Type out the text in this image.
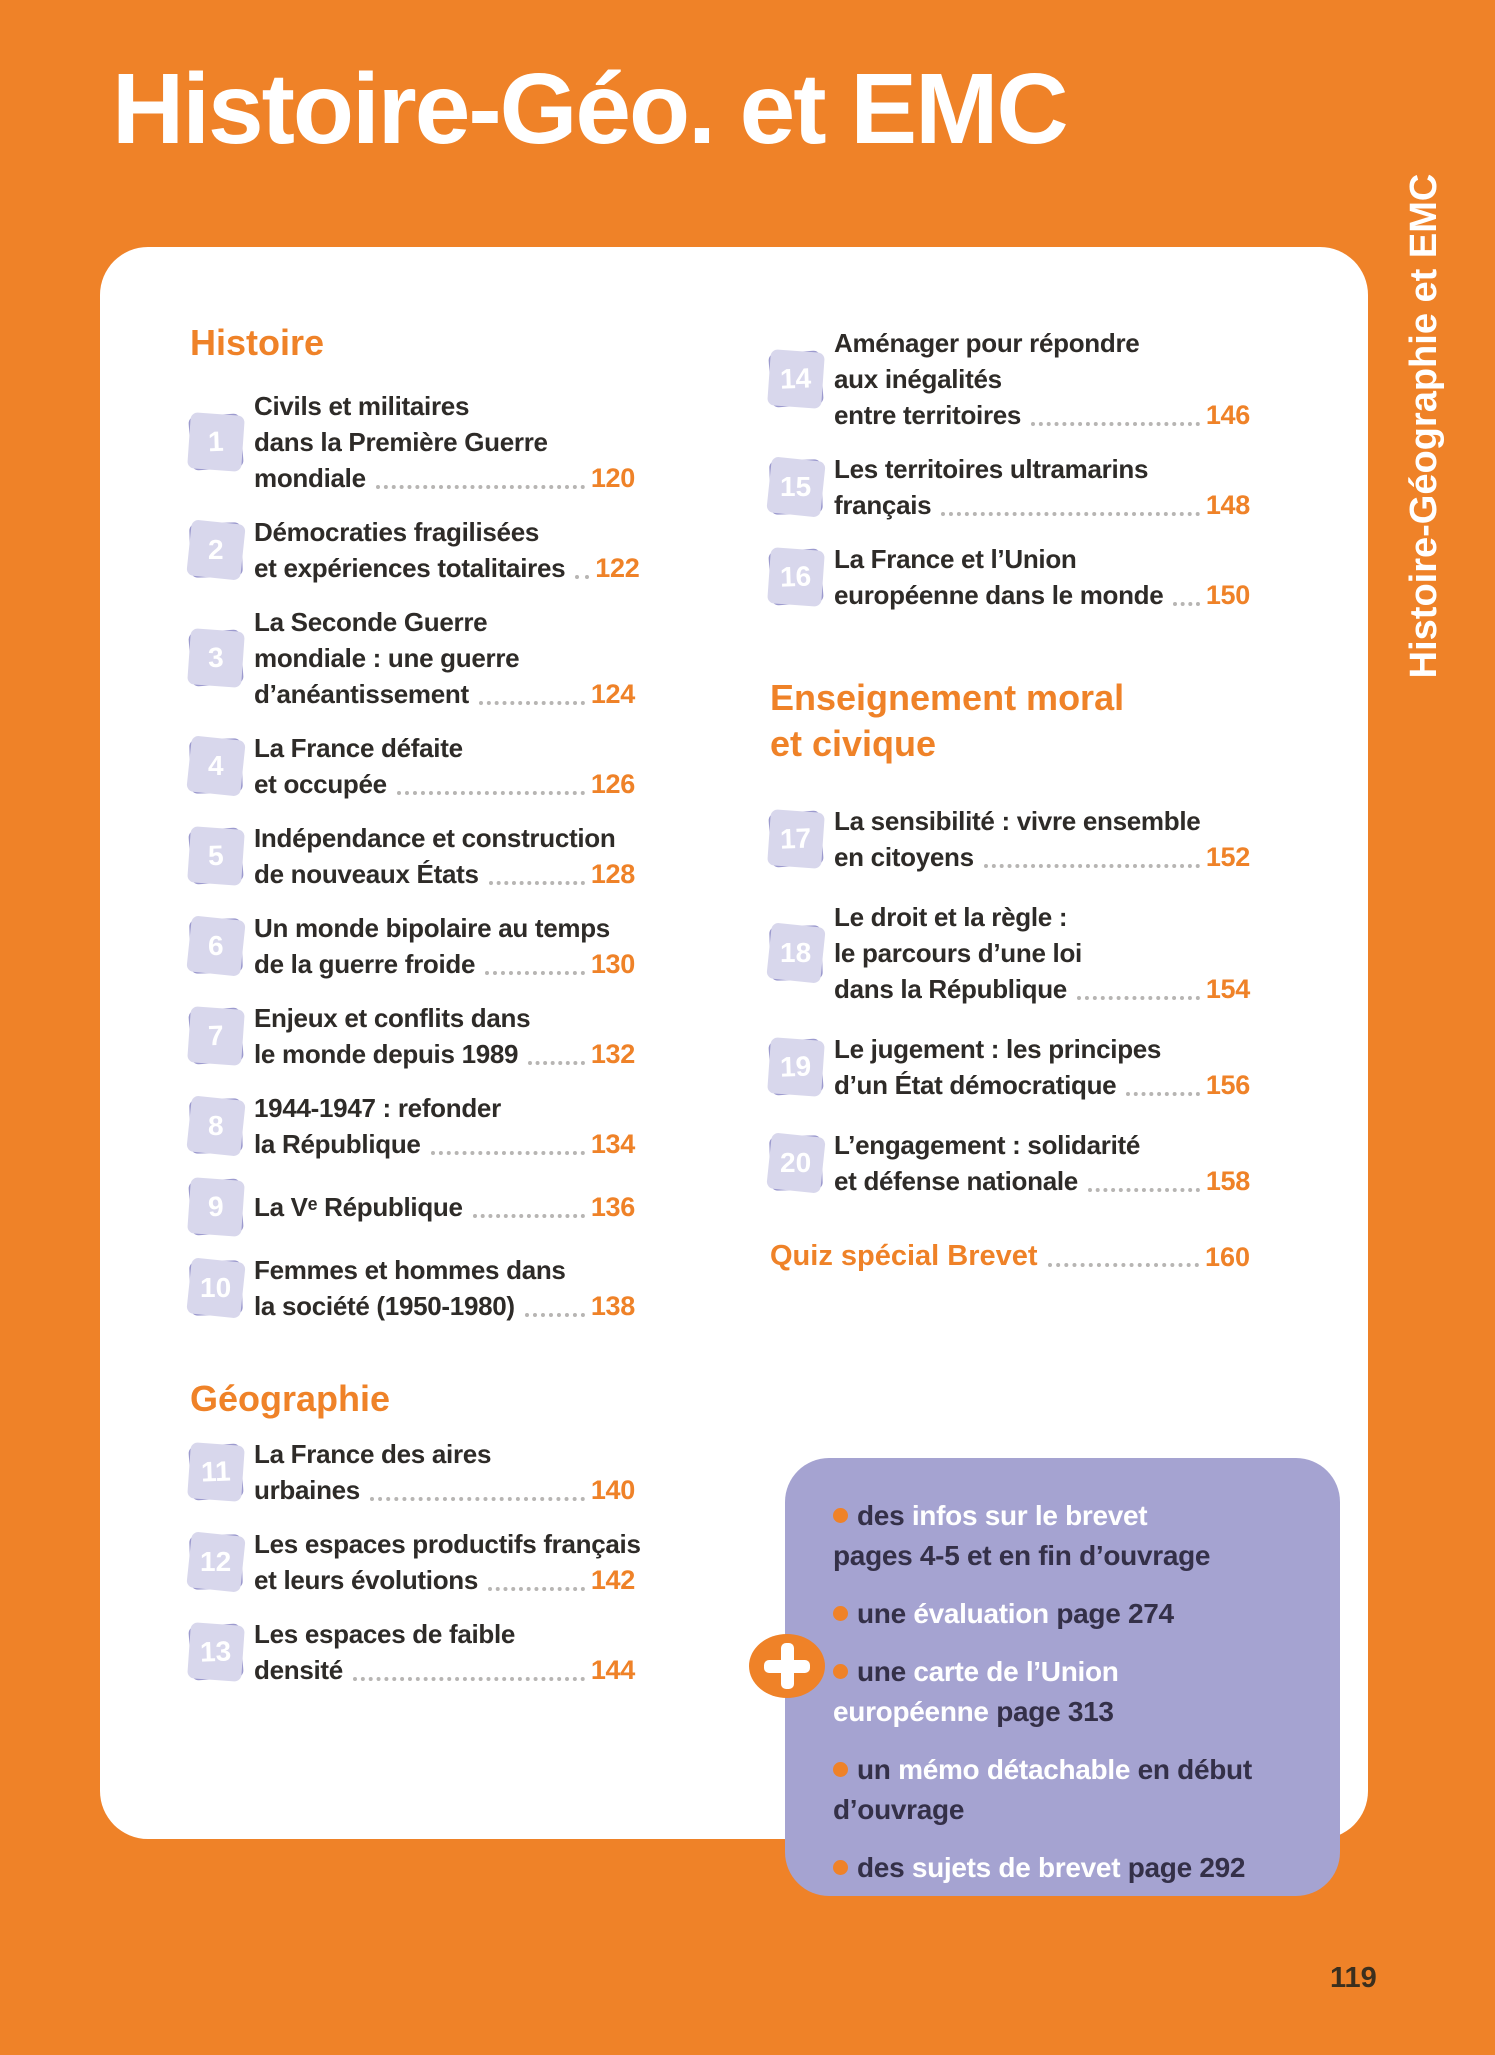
Histoire-Géo. et EMC
Histoire-Géographie et EMC
Histoire
1
Civils et militaires
dans la Première Guerre
mondiale	120
2
Démocraties fragilisées
et expériences totalitaires 122
3
La Seconde Guerre
mondiale : une guerre
d’anéantissement	124
4
La France défaite
et occupée	126
5
Indépendance et construction
de nouveaux États	128
6
Un monde bipolaire au temps
de la guerre froide	130
7
Enjeux et conflits dans
le monde depuis 1989	132
8
1944-1947 : refonder
la République	134
9 La Vᵉ République	136
10
Femmes et hommes dans
la société (1950-1980)	138
Géographie
11
La France des aires
urbaines	140
12
Les espaces productifs français
et leurs évolutions	142
13
Les espaces de faible
densité	144
14
Aménager pour répondre
aux inégalités
entre territoires	146
15
Les territoires ultramarins
français	148
16
La France et l’Union
européenne dans le monde 150
Enseignement moral
et civique
17
La sensibilité : vivre ensemble
en citoyens	152
18
Le droit et la règle :
le parcours d’une loi
dans la République	154
19
Le jugement : les principes
d’un État démocratique	156
20
L’engagement : solidarité
et défense nationale	158
Quiz spécial Brevet	160
des infos sur le brevet
pages 4-5 et en fin d’ouvrage
une évaluation page 274
une carte de l’Union
européenne page 313
un mémo détachable en début
d’ouvrage
des sujets de brevet page 292
119
